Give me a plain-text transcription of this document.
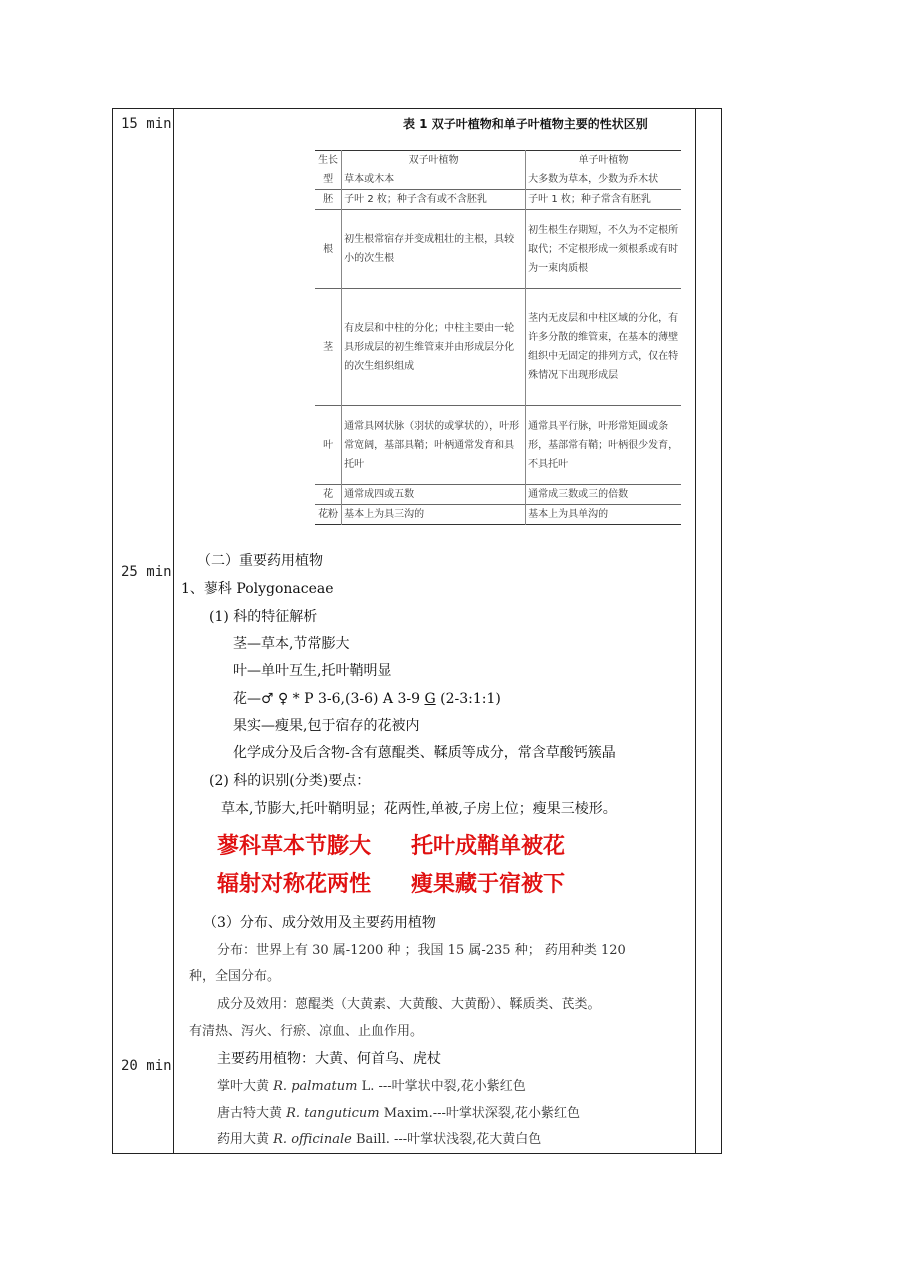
15 min
25 min
20 min
表 1 双子叶植物和单子叶植物主要的性状区别
生长	双子叶植物	单子叶植物
型	草本或木本	大多数为草本，少数为乔木状
胚	子叶 2 枚；种子含有或不含胚乳	子叶 1 枚；种子常含有胚乳
根	初生根常宿存并变成粗壮的主根，具较小的次生根	初生根生存期短，不久为不定根所取代；不定根形成一须根系或有时为一束肉质根
茎	有皮层和中柱的分化；中柱主要由一轮具形成层的初生维管束并由形成层分化的次生组织组成	茎内无皮层和中柱区域的分化，有许多分散的维管束，在基本的薄壁组织中无固定的排列方式，仅在特殊情况下出现形成层
叶	通常具网状脉（羽状的或掌状的），叶形常宽阔，基部具鞘；叶柄通常发育和具托叶	通常具平行脉，叶形常矩圆或条形，基部常有鞘；叶柄很少发育，不具托叶
花	通常成四或五数	通常成三数或三的倍数
花粉	基本上为具三沟的	基本上为具单沟的
（二）重要药用植物
1、蓼科 Polygonaceae
(1) 科的特征解析
茎—草本,节常膨大
叶—单叶互生,托叶鞘明显
花—♂ ♀ * P 3-6,(3-6) A 3-9 G (2-3:1:1)
果实—瘦果,包于宿存的花被内
化学成分及后含物-含有蒽醌类、鞣质等成分，常含草酸钙簇晶
(2) 科的识别(分类)要点：
草本,节膨大,托叶鞘明显；花两性,单被,子房上位；瘦果三棱形。
蓼科草本节膨大 托叶成鞘单被花
辐射对称花两性 瘦果藏于宿被下
（3）分布、成分效用及主要药用植物
分布：世界上有 30 属-1200 种 ；我国 15 属-235 种； 药用种类 120
种，全国分布。
成分及效用：蒽醌类（大黄素、大黄酸、大黄酚）、鞣质类、芪类。
有清热、泻火、行瘀、凉血、止血作用。
主要药用植物：大黄、何首乌、虎杖
掌叶大黄 R. palmatum L. ---叶掌状中裂,花小紫红色
唐古特大黄 R. tanguticum Maxim.---叶掌状深裂,花小紫红色
药用大黄 R. officinale Baill. ---叶掌状浅裂,花大黄白色
